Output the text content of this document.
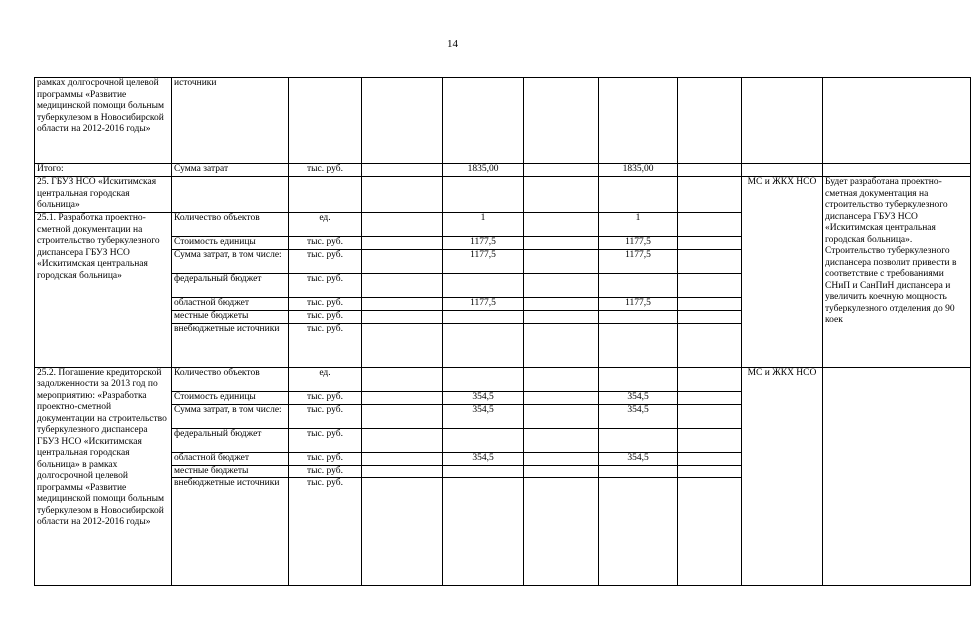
14
рамках долгосрочной целевой программы «Развитие медицинской помощи больным туберкулезом в Новосибирской области на 2012-2016 годы»	источники								
Итого:	Сумма затрат	тыс. руб.		1835,00		1835,00			
25. ГБУЗ НСО «Искитимская центральная городская больница»								МС и ЖКХ НСО	Будет разработана проектно-сметная документация на строительство туберкулезного диспансера ГБУЗ НСО «Искитимская центральная городская больница». Строительство туберкулезного диспансера позволит привести в соответствие с требованиями СНиП и СанПиН диспансера и увеличить коечную мощность туберкулезного отделения до 90 коек
25.1. Разработка проектно-сметной документации на строительство туберкулезного диспансера ГБУЗ НСО «Искитимская центральная городская больница»	Количество объектов	ед.		1		1			
	Стоимость единицы	тыс. руб.		1177,5		1177,5			
	Сумма затрат, в том числе:	тыс. руб.		1177,5		1177,5			
	федеральный бюджет	тыс. руб.							
	областной бюджет	тыс. руб.		1177,5		1177,5			
	местные бюджеты	тыс. руб.							
	внебюджетные источники	тыс. руб.							
25.2. Погашение кредиторской задолженности за 2013 год по мероприятию: «Разработка проектно-сметной документации на строительство туберкулезного диспансера ГБУЗ НСО «Искитимская центральная городская больница» в рамках долгосрочной целевой программы «Развитие медицинской помощи больным туберкулезом в Новосибирской области на 2012-2016 годы»	Количество объектов	ед.						МС и ЖКХ НСО	
	Стоимость единицы	тыс. руб.		354,5		354,5			
	Сумма затрат, в том числе:	тыс. руб.		354,5		354,5			
	федеральный бюджет	тыс. руб.							
	областной бюджет	тыс. руб.		354,5		354,5			
	местные бюджеты	тыс. руб.							
	внебюджетные источники	тыс. руб.							
